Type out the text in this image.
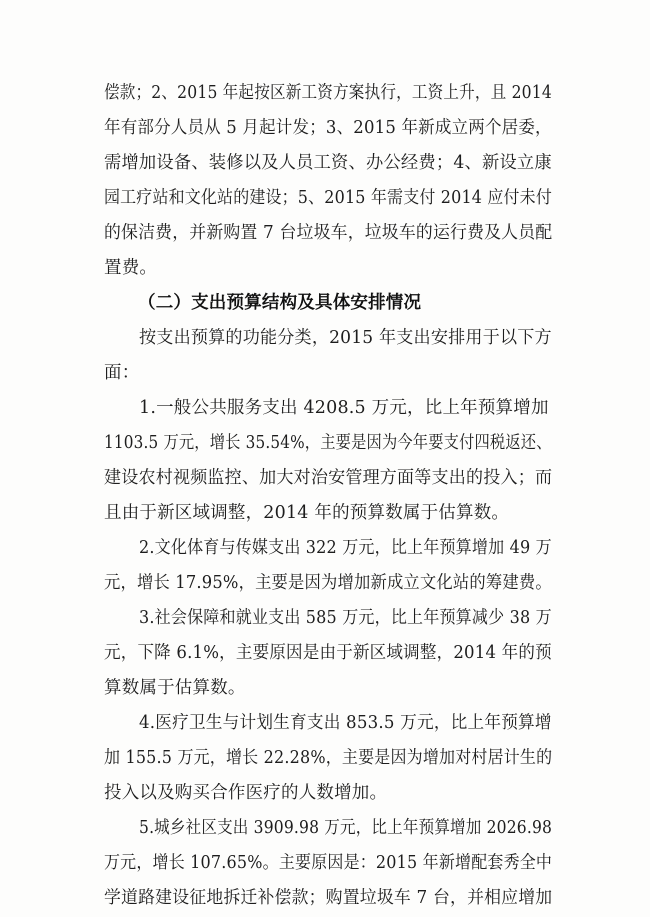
偿款；2、2015 年起按区新工资方案执行，工资上升，且 2014
年有部分人员从 5 月起计发；3、2015 年新成立两个居委，
需增加设备、装修以及人员工资、办公经费；4、新设立康
园工疗站和文化站的建设；5、2015 年需支付 2014 应付未付
的保洁费，并新购置 7 台垃圾车，垃圾车的运行费及人员配
置费。
（二）支出预算结构及具体安排情况
按支出预算的功能分类，2015 年支出安排用于以下方
面：
1.一般公共服务支出 4208.5 万元，比上年预算增加
1103.5 万元，增长 35.54%，主要是因为今年要支付四税返还、
建设农村视频监控、加大对治安管理方面等支出的投入；而
且由于新区域调整，2014 年的预算数属于估算数。
2.文化体育与传媒支出 322 万元，比上年预算增加 49 万
元，增长 17.95%，主要是因为增加新成立文化站的筹建费。
3.社会保障和就业支出 585 万元，比上年预算减少 38 万
元，下降 6.1%，主要原因是由于新区域调整，2014 年的预
算数属于估算数。
4.医疗卫生与计划生育支出 853.5 万元，比上年预算增
加 155.5 万元，增长 22.28%，主要是因为增加对村居计生的
投入以及购买合作医疗的人数增加。
5.城乡社区支出 3909.98 万元，比上年预算增加 2026.98
万元，增长 107.65%。主要原因是：2015 年新增配套秀全中
学道路建设征地拆迁补偿款；购置垃圾车 7 台，并相应增加
